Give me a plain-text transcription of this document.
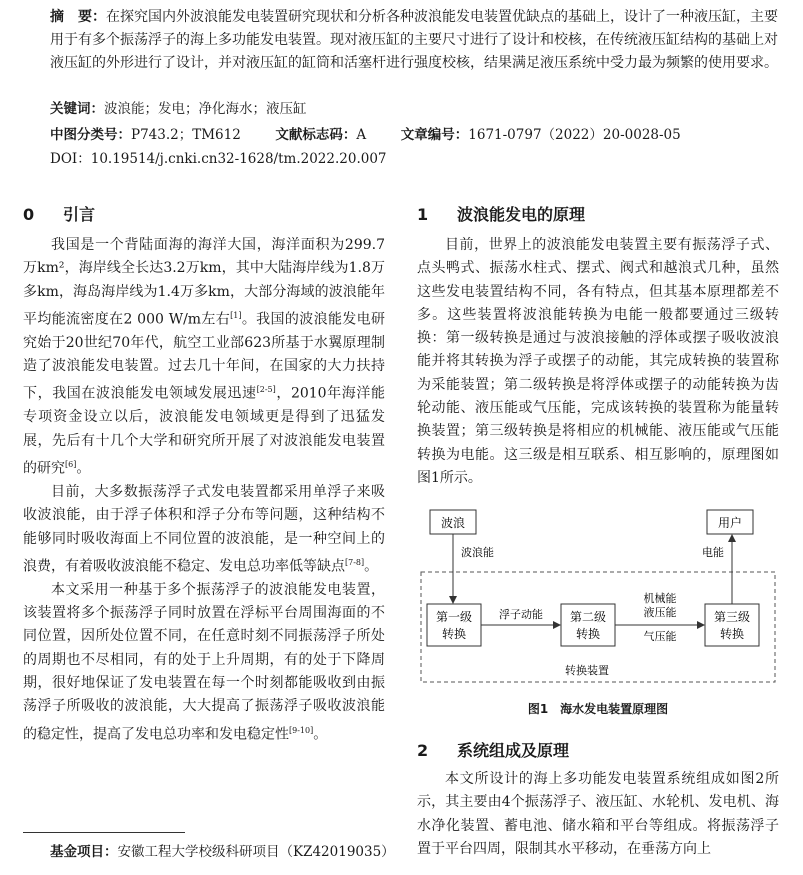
摘　要：在探究国内外波浪能发电装置研究现状和分析各种波浪能发电装置优缺点的基础上，设计了一种液压缸，主要用于有多个振荡浮子的海上多功能发电装置。现对液压缸的主要尺寸进行了设计和校核，在传统液压缸结构的基础上对液压缸的外形进行了设计，并对液压缸的缸筒和活塞杆进行强度校核，结果满足液压系统中受力最为频繁的使用要求。
关键词：波浪能；发电；净化海水；液压缸
中图分类号：P743.2；TM612	文献标志码：A	文章编号：1671-0797（2022）20-0028-05
DOI：10.19514/j.cnki.cn32-1628/tm.2022.20.007
0 引言

我国是一个背陆面海的海洋大国，海洋面积为299.7万km²，海岸线全长达3.2万km，其中大陆海岸线为1.8万多km，海岛海岸线为1.4万多km，大部分海域的波浪能年平均能流密度在2 000 W/m左右[1]。我国的波浪能发电研究始于20世纪70年代，航空工业部623所基于水翼原理制造了波浪能发电装置。过去几十年间，在国家的大力扶持下，我国在波浪能发电领域发展迅速[2-5]，2010年海洋能专项资金设立以后，波浪能发电领域更是得到了迅猛发展，先后有十几个大学和研究所开展了对波浪能发电装置的研究[6]。

目前，大多数振荡浮子式发电装置都采用单浮子来吸收波浪能，由于浮子体积和浮子分布等问题，这种结构不能够同时吸收海面上不同位置的波浪能，是一种空间上的浪费，有着吸收波浪能不稳定、发电总功率低等缺点[7-8]。

本文采用一种基于多个振荡浮子的波浪能发电装置，该装置将多个振荡浮子同时放置在浮标平台周围海面的不同位置，因所处位置不同，在任意时刻不同振荡浮子所处的周期也不尽相同，有的处于上升周期，有的处于下降周期，很好地保证了发电装置在每一个时刻都能吸收到由振荡浮子所吸收的波浪能，大大提高了振荡浮子吸收波浪能的稳定性，提高了发电总功率和发电稳定性[9-10]。

1 波浪能发电的原理

目前，世界上的波浪能发电装置主要有振荡浮子式、点头鸭式、振荡水柱式、摆式、阀式和越浪式几种，虽然这些发电装置结构不同，各有特点，但其基本原理都差不多。这些装置将波浪能转换为电能一般都要通过三级转换：第一级转换是通过与波浪接触的浮体或摆子吸收波浪能并将其转换为浮子或摆子的动能，其完成转换的装置称为采能装置；第二级转换是将浮体或摆子的动能转换为齿轮动能、液压能或气压能，完成该转换的装置称为能量转换装置；第三级转换是将相应的机械能、液压能或气压能转换为电能。这三级是相互联系、相互影响的，原理图如图1所示。

波浪	用户
第一级
转换
第二级
转换
第三级
转换
波浪能
浮子动能
机械能
液压能
气压能
电能
转换装置
图1　海水发电装置原理图
2 系统组成及原理

本文所设计的海上多功能发电装置系统组成如图2所示，其主要由4个振荡浮子、液压缸、水轮机、发电机、海水净化装置、蓄电池、储水箱和平台等组成。将振荡浮子置于平台四周，限制其水平移动，在垂荡方向上

基金项目：安徽工程大学校级科研项目（KZ42019035）
